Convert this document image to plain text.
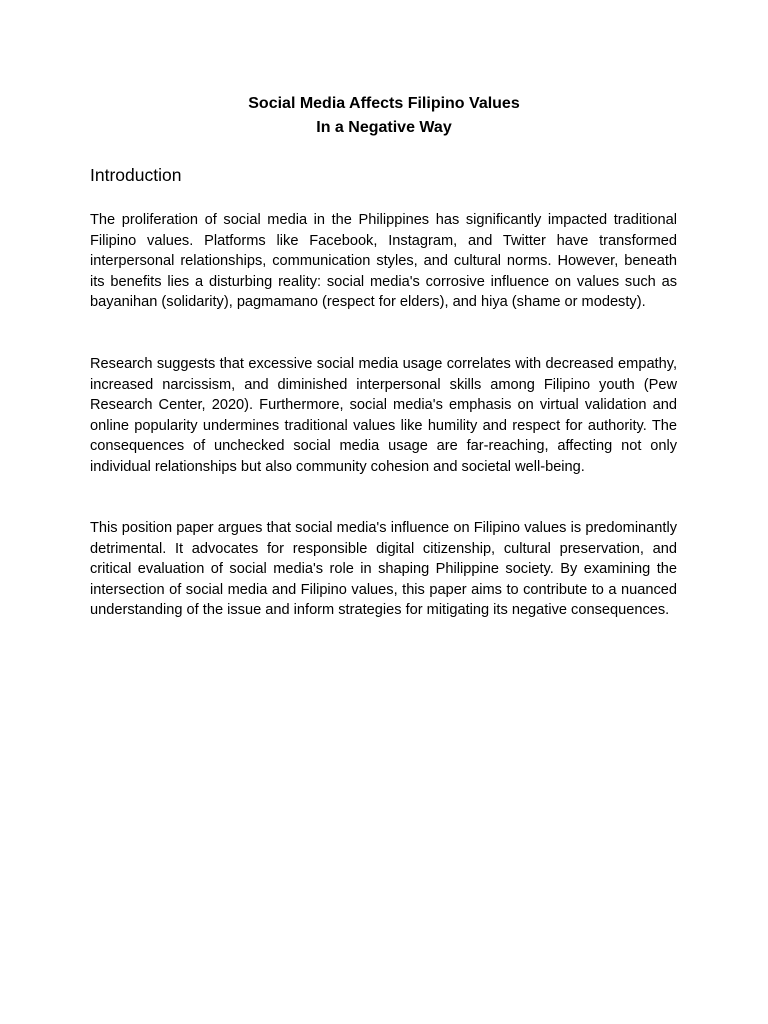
Social Media Affects Filipino Values
In a Negative Way
Introduction

The proliferation of social media in the Philippines has significantly impacted traditional Filipino values. Platforms like Facebook, Instagram, and Twitter have transformed interpersonal relationships, communication styles, and cultural norms. However, beneath its benefits lies a disturbing reality: social media's corrosive influence on values such as bayanihan (solidarity), pagmamano (respect for elders), and hiya (shame or modesty).

Research suggests that excessive social media usage correlates with decreased empathy, increased narcissism, and diminished interpersonal skills among Filipino youth (Pew Research Center, 2020). Furthermore, social media's emphasis on virtual validation and online popularity undermines traditional values like humility and respect for authority. The consequences of unchecked social media usage are far-reaching, affecting not only individual relationships but also community cohesion and societal well-being.

This position paper argues that social media's influence on Filipino values is predominantly detrimental. It advocates for responsible digital citizenship, cultural preservation, and critical evaluation of social media's role in shaping Philippine society. By examining the intersection of social media and Filipino values, this paper aims to contribute to a nuanced understanding of the issue and inform strategies for mitigating its negative consequences.
